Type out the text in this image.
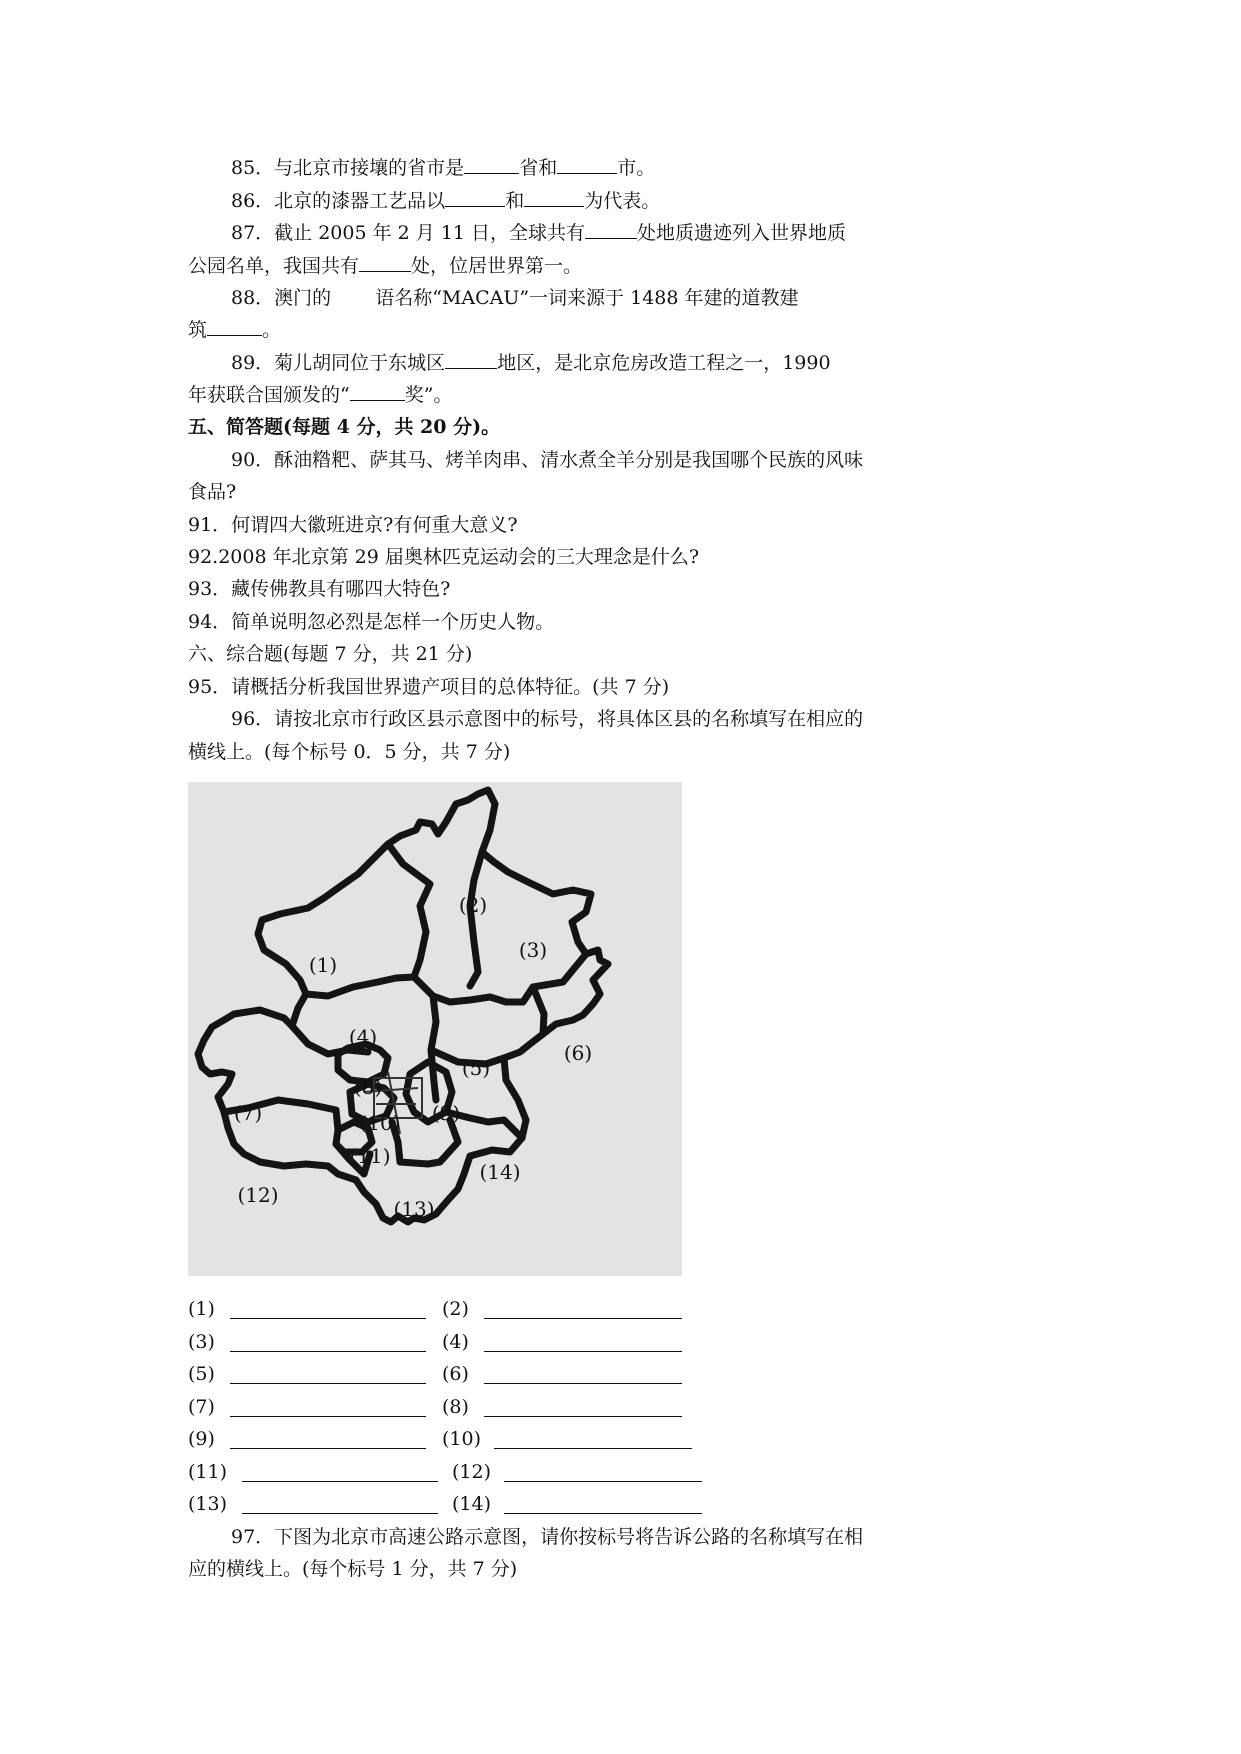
85．与北京市接壤的省市是	省和	市。
86．北京的漆器工艺品以	和	为代表。
87．截止 2005 年 2 月 11 日，全球共有	处地质遗迹列入世界地质
公园名单，我国共有	处，位居世界第一。
88．澳门的 语名称“MACAU”一词来源于 1488 年建的道教建
筑	。
89．菊儿胡同位于东城区	地区，是北京危房改造工程之一，1990
年获联合国颁发的“	奖”。
五、简答题(每题 4 分，共 20 分)。
90．酥油糌粑、萨其马、烤羊肉串、清水煮全羊分别是我国哪个民族的风味
食品?
91．何谓四大徽班进京?有何重大意义?
92.2008 年北京第 29 届奥林匹克运动会的三大理念是什么?
93．藏传佛教具有哪四大特色?
94．简单说明忽必烈是怎样一个历史人物。
六、综合题(每题 7 分，共 21 分)
95．请概括分析我国世界遗产项目的总体特征。(共 7 分)
96．请按北京市行政区县示意图中的标号，将具体区县的名称填写在相应的
横线上。(每个标号 0．5 分，共 7 分)
(1)
(2)
(3)
(4)
(5)
(6)
(7)
(8)
(9)
(10)
(11)
(12)
(13)
(14)
(1)	(2)
(3)	(4)
(5)	(6)
(7)	(8)
(9)	(10)
(11)	(12)
(13)	(14)
97．下图为北京市高速公路示意图，请你按标号将告诉公路的名称填写在相
应的横线上。(每个标号 1 分，共 7 分)
